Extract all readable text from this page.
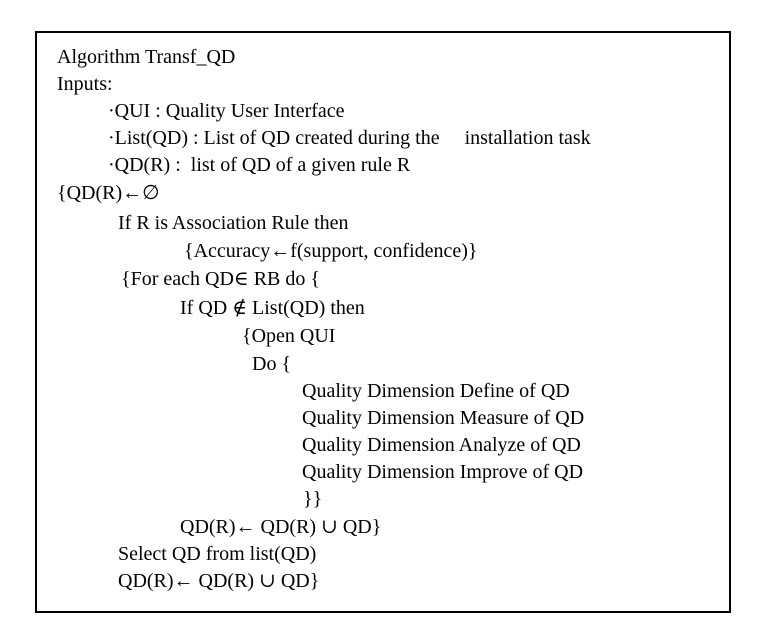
Algorithm Transf_QD

Inputs:

·QUI : Quality User Interface

·List(QD) : List of QD created during the     installation task

·QD(R) :  list of QD of a given rule R

{QD(R)←∅

If R is Association Rule then

{Accuracy←f(support, confidence)}

{For each QD∈ RB do {

If QD ∉ List(QD) then

{Open QUI

Do {

Quality Dimension Define of QD

Quality Dimension Measure of QD

Quality Dimension Analyze of QD

Quality Dimension Improve of QD

}}

QD(R)← QD(R) ∪ QD}

Select QD from list(QD)

QD(R)← QD(R) ∪ QD}
